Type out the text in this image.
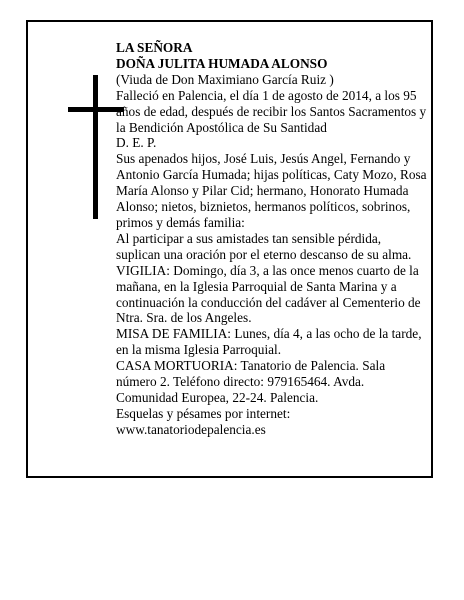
LA SEÑORA

DOÑA JULITA HUMADA ALONSO

(Viuda de Don Maximiano García Ruiz )

Falleció en Palencia, el día 1 de agosto de 2014, a los 95 años de edad, después de recibir los Santos Sacramentos y la Bendición Apostólica de Su Santidad

D. E. P.

Sus apenados hijos, José Luis, Jesús Angel, Fernando y Antonio García Humada; hijas políticas, Caty Mozo, Rosa María Alonso y Pilar Cid; hermano, Honorato Humada Alonso; nietos, biznietos, hermanos políticos, sobrinos, primos y demás familia:

Al participar a sus amistades tan sensible pérdida, suplican una oración por el eterno descanso de su alma.

VIGILIA: Domingo, día 3, a las once menos cuarto de la mañana, en la Iglesia Parroquial de Santa Marina y a continuación la conducción del cadáver al Cementerio de Ntra. Sra. de los Angeles.

MISA DE FAMILIA: Lunes, día 4, a las ocho de la tarde, en la misma Iglesia Parroquial.

CASA MORTUORIA: Tanatorio de Palencia. Sala número 2. Teléfono directo: 979165464. Avda. Comunidad Europea, 22-24. Palencia.

Esquelas y pésames por internet:

www.tanatoriodepalencia.es
